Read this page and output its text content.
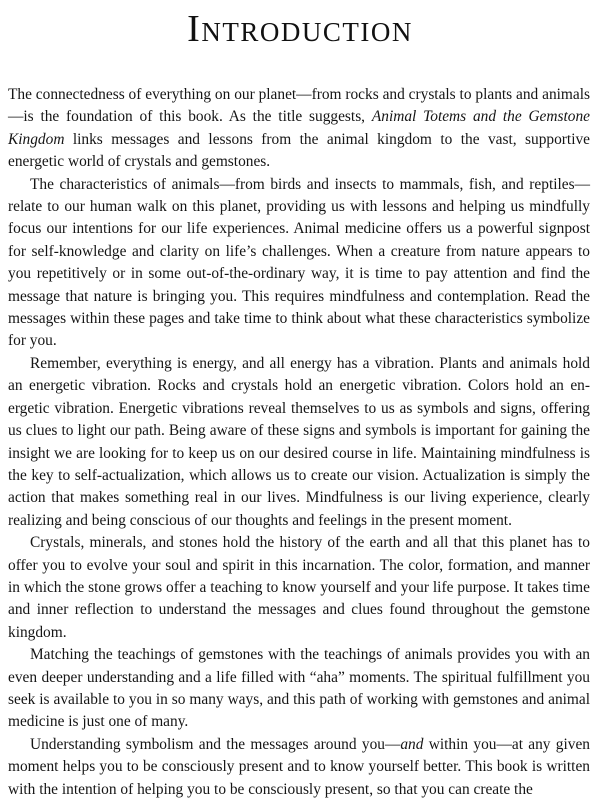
Introduction

The connectedness of everything on our planet—from rocks and crystals to plants and animals—is the foundation of this book. As the title suggests, Animal Totems and the Gemstone Kingdom links messages and lessons from the animal kingdom to the vast, supportive energetic world of crystals and gemstones.

The characteristics of animals—from birds and insects to mammals, fish, and reptiles—relate to our human walk on this planet, providing us with lessons and helping us mindfully focus our intentions for our life experiences. Animal medicine offers us a powerful signpost for self-knowledge and clarity on life’s challenges. When a creature from nature appears to you repetitively or in some out-of-the-ordinary way, it is time to pay attention and find the message that nature is bringing you. This requires mindfulness and contemplation. Read the messages within these pages and take time to think about what these characteristics symbolize for you.

Remember, everything is energy, and all energy has a vibration. Plants and animals hold an energetic vibration. Rocks and crystals hold an energetic vibration. Colors hold an energetic vibration. Energetic vibrations reveal themselves to us as symbols and signs, offering us clues to light our path. Being aware of these signs and symbols is important for gaining the insight we are looking for to keep us on our desired course in life. Maintaining mindfulness is the key to self-actualization, which allows us to create our vision. Actualization is simply the action that makes something real in our lives. Mindfulness is our living experience, clearly realizing and being conscious of our thoughts and feelings in the present moment.

Crystals, minerals, and stones hold the history of the earth and all that this planet has to offer you to evolve your soul and spirit in this incarnation. The color, formation, and manner in which the stone grows offer a teaching to know yourself and your life purpose. It takes time and inner reflection to understand the messages and clues found throughout the gemstone kingdom.

Matching the teachings of gemstones with the teachings of animals provides you with an even deeper understanding and a life filled with “aha” moments. The spiritual fulfillment you seek is available to you in so many ways, and this path of working with gemstones and animal medicine is just one of many.

Understanding symbolism and the messages around you—and within you—at any given moment helps you to be consciously present and to know yourself better. This book is written with the intention of helping you to be consciously present, so that you can create the
